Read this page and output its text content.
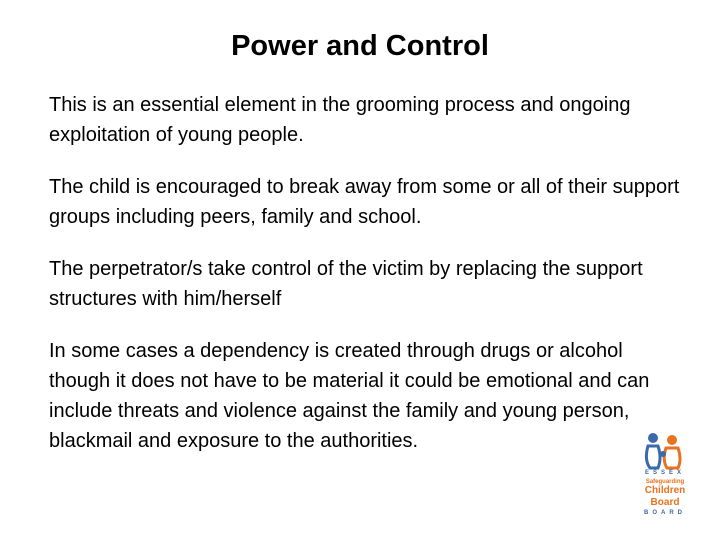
Power and Control

This is an essential element in the grooming process and ongoing exploitation of young people.

The child is encouraged to break away from some or all of their support groups including peers, family and school.

The perpetrator/s take control of the victim by replacing the support structures with him/herself

In some cases a dependency is created through drugs or alcohol though it does not have to be material it could be emotional and can include threats and violence against the family and young person, blackmail and exposure to the authorities.

ESSEX
Safeguarding
Children
Board
BOARD
